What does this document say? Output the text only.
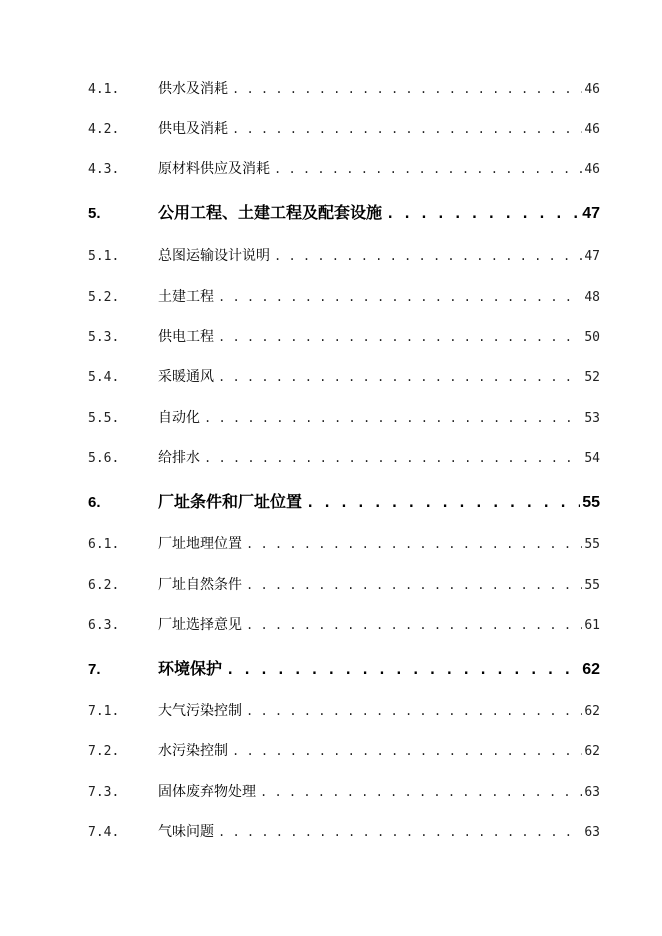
4.1.	供水及消耗 . . .	46
4.2.	供电及消耗 . . .	46
4.3.	原材料供应及消耗 . . .	46
5.	公用工程、土建工程及配套设施 . . .	47
5.1.	总图运输设计说明 . . .	47
5.2.	土建工程 . . .	48
5.3.	供电工程 . . .	50
5.4.	采暖通风 . . .	52
5.5.	自动化 . . .	53
5.6.	给排水 . . .	54
6.	厂址条件和厂址位置 . . .	55
6.1.	厂址地理位置 . . .	55
6.2.	厂址自然条件 . . .	55
6.3.	厂址选择意见 . . .	61
7.	环境保护 . . .	62
7.1.	大气污染控制 . . .	62
7.2.	水污染控制 . . .	62
7.3.	固体废弃物处理 . . .	63
7.4.	气味问题 . . .	63
